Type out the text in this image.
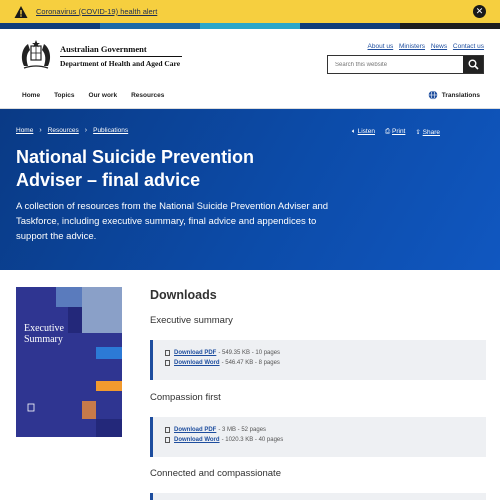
Coronavirus (COVID-19) health alert	✕
Australian Government
Department of Health and Aged Care
About us Ministers News Contact us
Search this website
Home Topics Our work Resources	Translations
Home › Resources › Publications	🔈︎ Listen ⎙ Print ⇪ Share
National Suicide Prevention Adviser – final advice

A collection of resources from the National Suicide Prevention Adviser and Taskforce, including executive summary, final advice and appendices to support the advice.

Executive
Summary
Downloads
Executive summary
Download PDF - 549.35 KB - 10 pages
Download Word - 546.47 KB - 8 pages
Compassion first
Download PDF - 3 MB - 52 pages
Download Word - 1020.3 KB - 40 pages
Connected and compassionate
